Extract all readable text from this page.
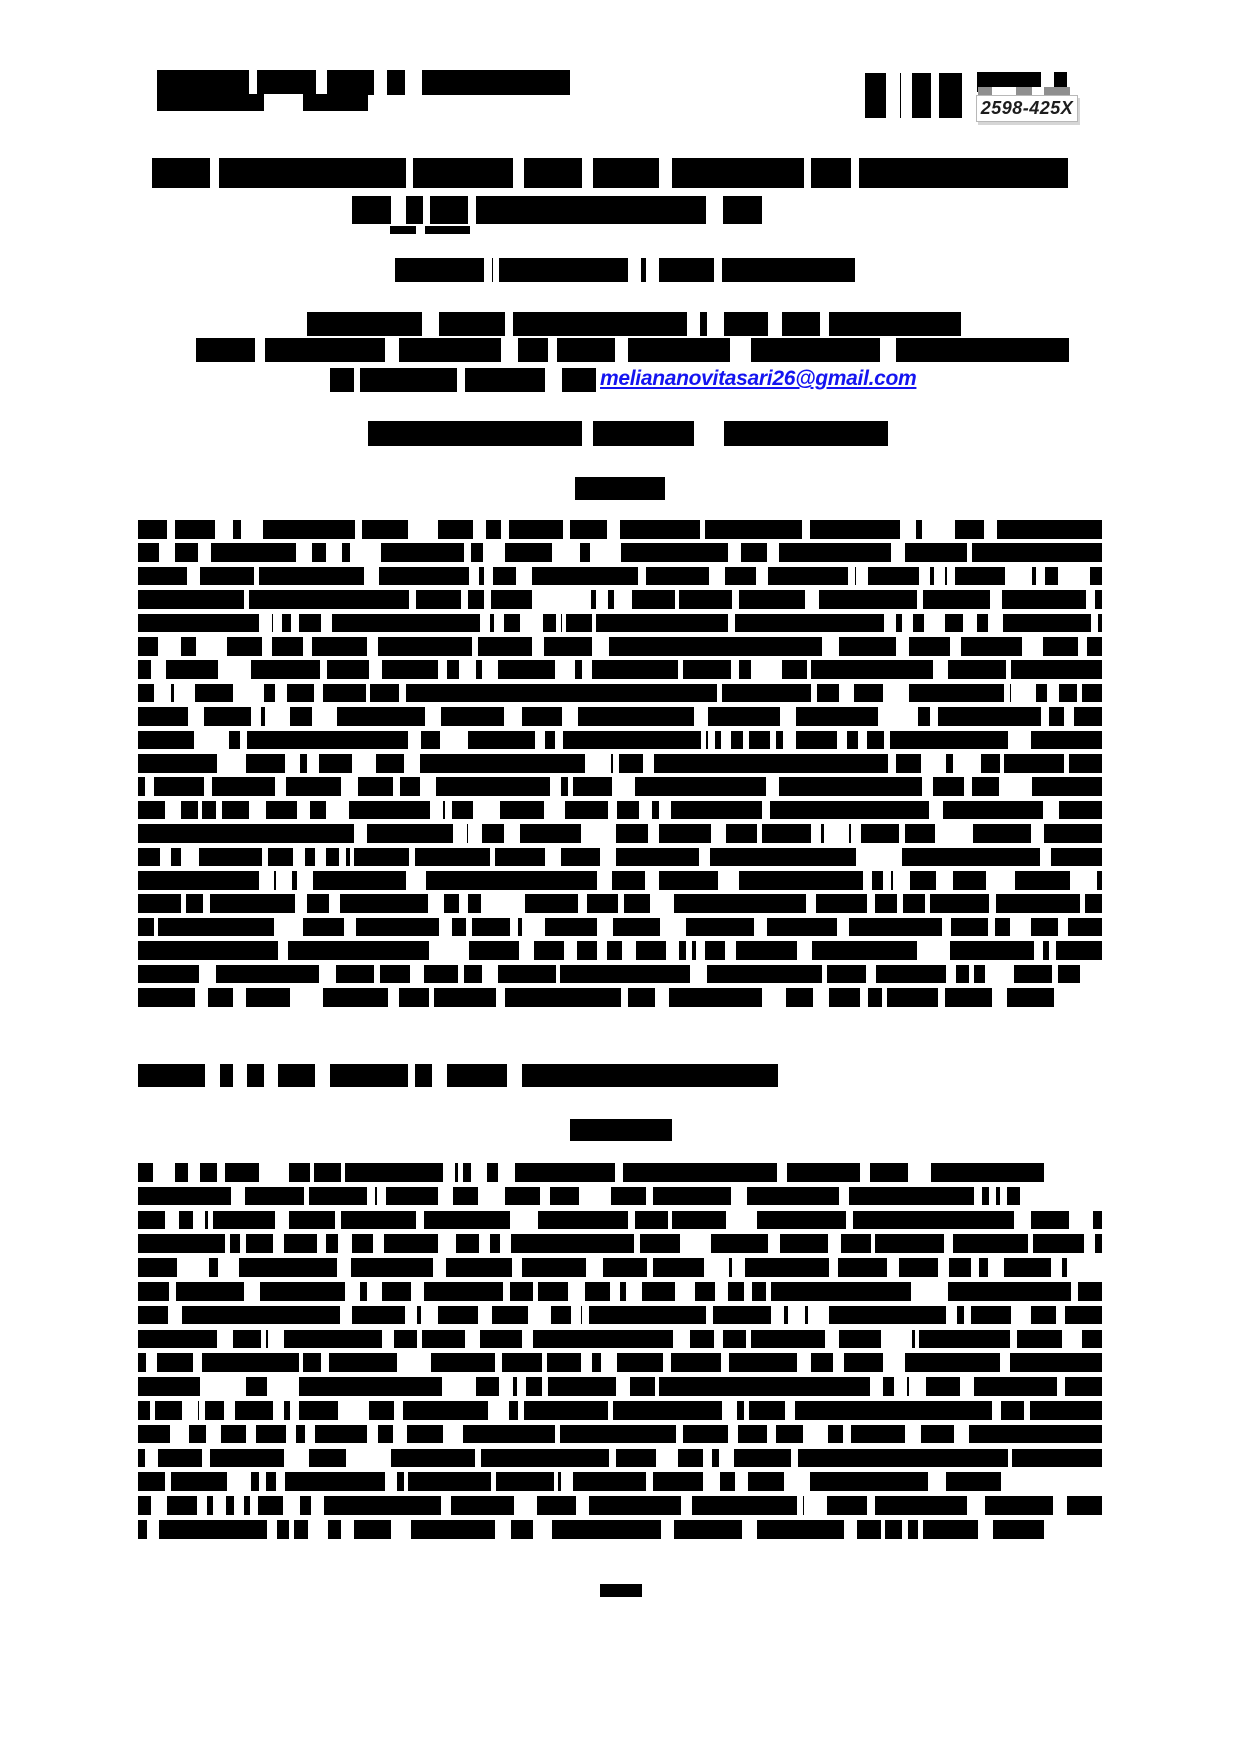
2598-425X
meliananovitasari26@gmail.com
